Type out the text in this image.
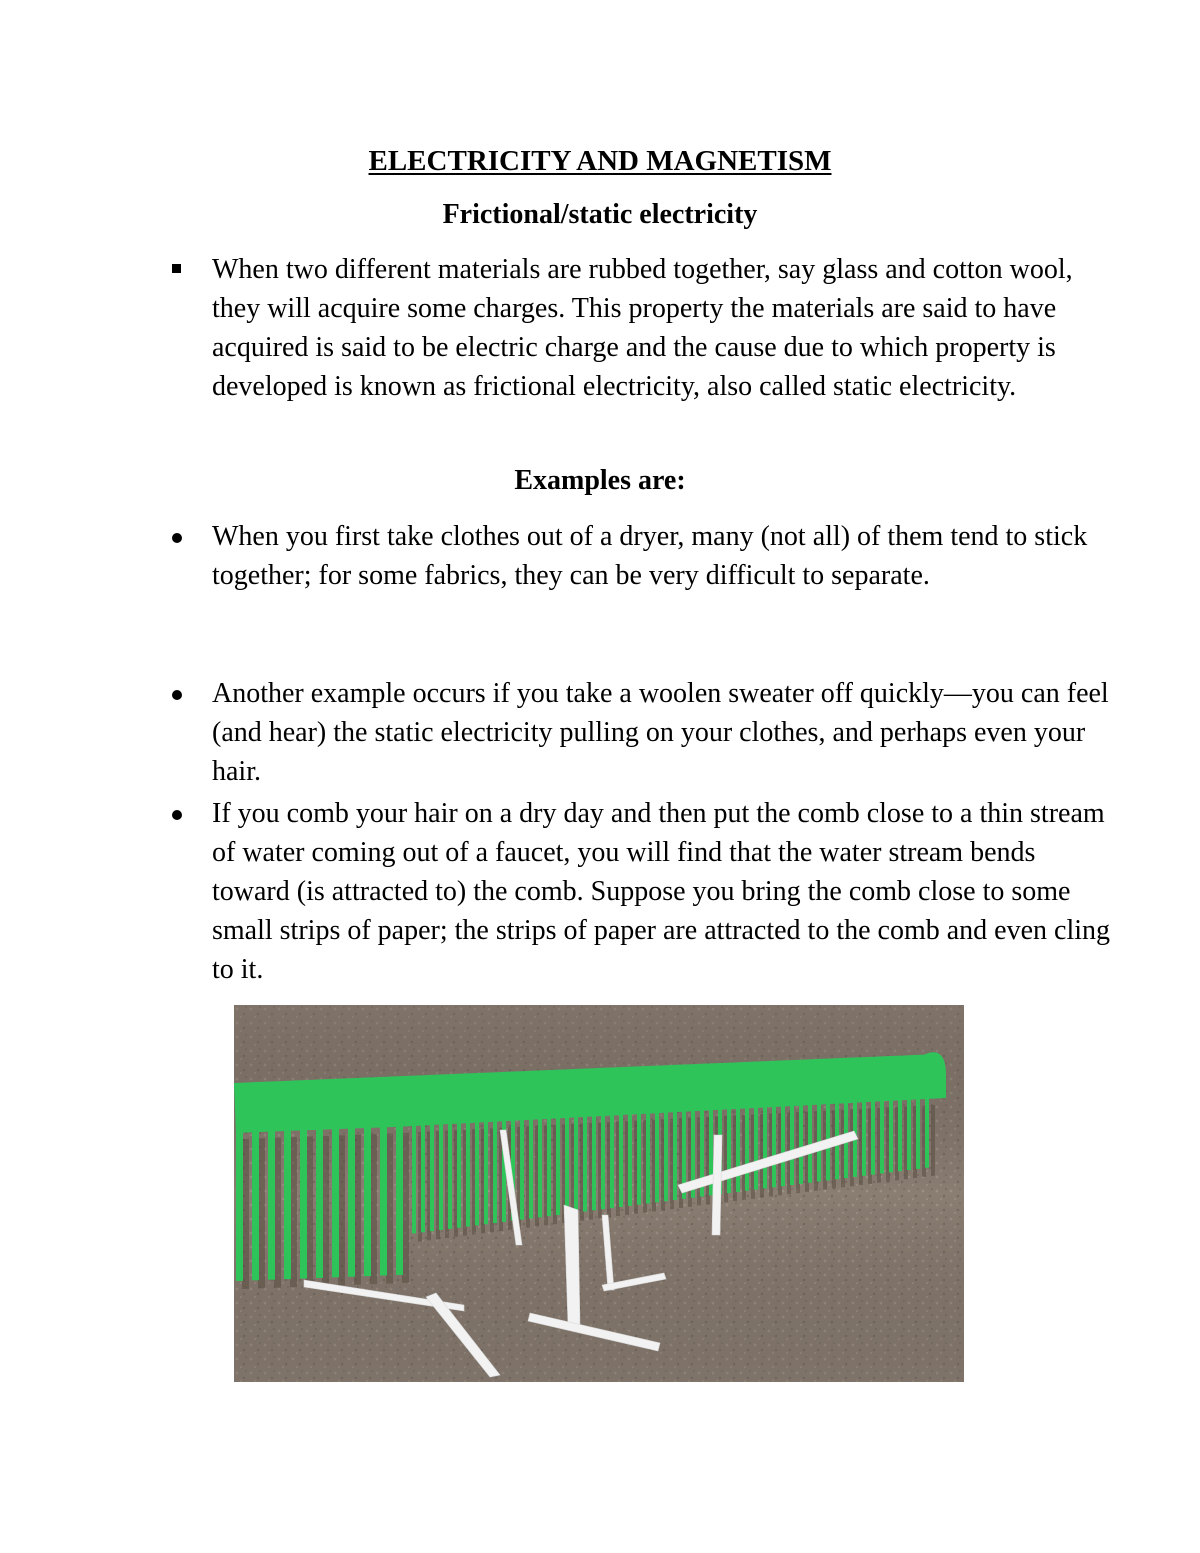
ELECTRICITY AND MAGNETISM
Frictional/static electricity

When two different materials are rubbed together, say glass and cotton wool, they will acquire some charges. This property the materials are said to have acquired is said to be electric charge and the cause due to which property is developed is known as frictional electricity, also called static electricity.

Examples are:

When you first take clothes out of a dryer, many (not all) of them tend to stick together; for some fabrics, they can be very difficult to separate.

Another example occurs if you take a woolen sweater off quickly—you can feel (and hear) the static electricity pulling on your clothes, and perhaps even your hair.

If you comb your hair on a dry day and then put the comb close to a thin stream of water coming out of a faucet, you will find that the water stream bends toward (is attracted to) the comb. Suppose you bring the comb close to some small strips of paper; the strips of paper are attracted to the comb and even cling to it.
